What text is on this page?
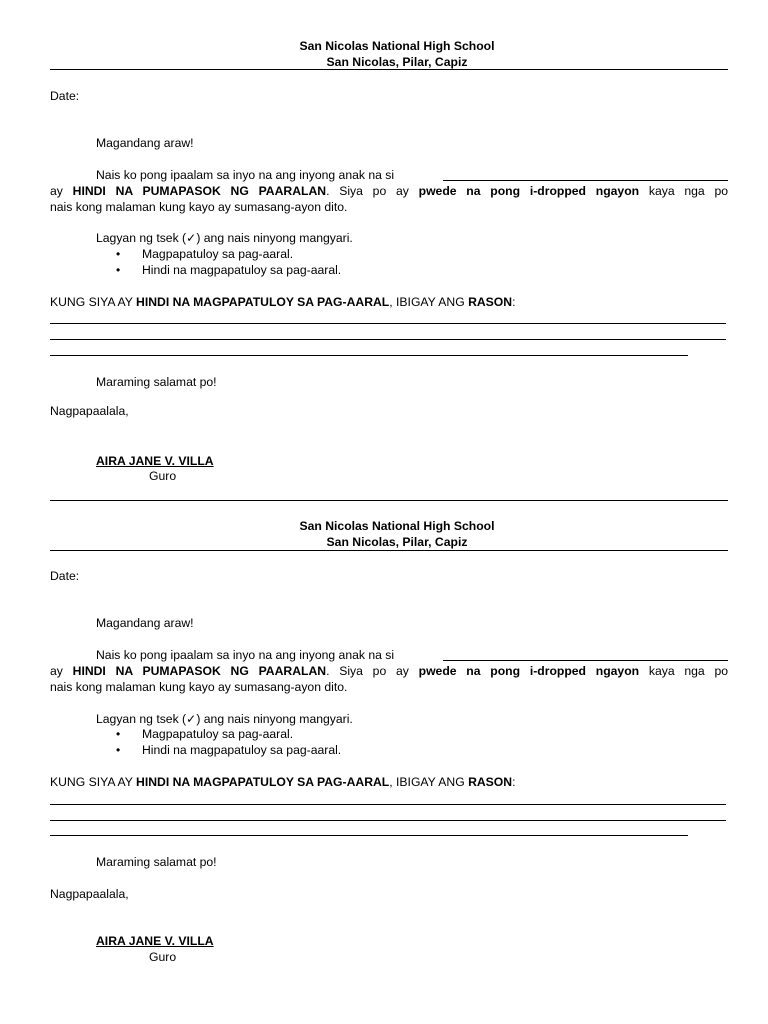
San Nicolas National High School
San Nicolas, Pilar, Capiz
Date:
Magandang araw!
Nais ko pong ipaalam sa inyo na ang inyong anak na si
ay HINDI NA PUMAPASOK NG PAARALAN. Siya po ay pwede na pong i-dropped ngayon kaya nga po
nais kong malaman kung kayo ay sumasang-ayon dito.
Lagyan ng tsek (✓) ang nais ninyong mangyari.
• Magpapatuloy sa pag-aaral.
• Hindi na magpapatuloy sa pag-aaral.
KUNG SIYA AY HINDI NA MAGPAPATULOY SA PAG-AARAL, IBIGAY ANG RASON:
Maraming salamat po!
Nagpapaalala,
AIRA JANE V. VILLA
Guro
San Nicolas National High School
San Nicolas, Pilar, Capiz
Date:
Magandang araw!
Nais ko pong ipaalam sa inyo na ang inyong anak na si
ay HINDI NA PUMAPASOK NG PAARALAN. Siya po ay pwede na pong i-dropped ngayon kaya nga po
nais kong malaman kung kayo ay sumasang-ayon dito.
Lagyan ng tsek (✓) ang nais ninyong mangyari.
• Magpapatuloy sa pag-aaral.
• Hindi na magpapatuloy sa pag-aaral.
KUNG SIYA AY HINDI NA MAGPAPATULOY SA PAG-AARAL, IBIGAY ANG RASON:
Maraming salamat po!
Nagpapaalala,
AIRA JANE V. VILLA
Guro
